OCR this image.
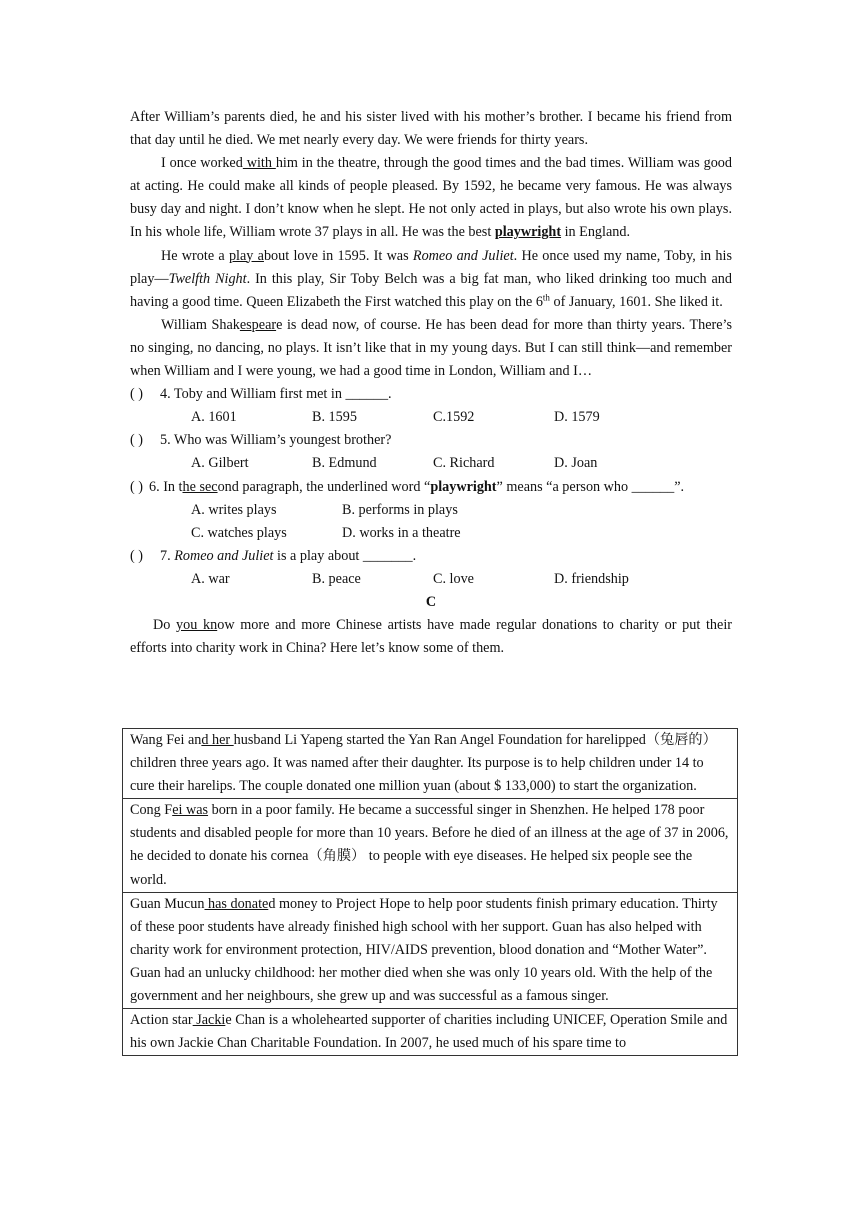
After William’s parents died, he and his sister lived with his mother’s brother. I became his friend from that day until he died. We met nearly every day. We were friends for thirty years.

I once worked with him in the theatre, through the good times and the bad times. William was good at acting. He could make all kinds of people pleased. By 1592, he became very famous. He was always busy day and night. I don’t know when he slept. He not only acted in plays, but also wrote his own plays. In his whole life, William wrote 37 plays in all. He was the best playwright in England.

He wrote a play about love in 1595. It was Romeo and Juliet. He once used my name, Toby, in his play—Twelfth Night. In this play, Sir Toby Belch was a big fat man, who liked drinking too much and having a good time. Queen Elizabeth the First watched this play on the 6th of January, 1601. She liked it.

William Shakespeare is dead now, of course. He has been dead for more than thirty years. There’s no singing, no dancing, no plays. It isn’t like that in my young days. But I can still think—and remember when William and I were young, we had a good time in London, William and I…

( )	4. Toby and William first met in ______.
A. 1601	B. 1595	C.1592	D. 1579
( )	5. Who was William’s youngest brother?
A. Gilbert	B. Edmund	C. Richard	D. Joan

( ) 6. In the second paragraph, the underlined word “playwright” means “a person who ______”.

A. writes plays	B. performs in plays
C. watches plays	D. works in a theatre
( )	7. Romeo and Juliet is a play about _______.
A. war	B. peace	C. love	D. friendship
C

Do you know more and more Chinese artists have made regular donations to charity or put their efforts into charity work in China? Here let’s know some of them.

Wang Fei and her husband Li Yapeng started the Yan Ran Angel Foundation for harelipped（兔唇的） children three years ago. It was named after their daughter. Its purpose is to help children under 14 to cure their harelips. The couple donated one million yuan (about $ 133,000) to start the organization.

Cong Fei was born in a poor family. He became a successful singer in Shenzhen. He helped 178 poor students and disabled people for more than 10 years. Before he died of an illness at the age of 37 in 2006, he decided to donate his cornea（角膜） to people with eye diseases. He helped six people see the world.

Guan Mucun has donated money to Project Hope to help poor students finish primary education. Thirty of these poor students have already finished high school with her support. Guan has also helped with charity work for environment protection, HIV/AIDS prevention, blood donation and “Mother Water”.

Guan had an unlucky childhood: her mother died when she was only 10 years old. With the help of the government and her neighbours, she grew up and was successful as a famous singer.

Action star Jackie Chan is a wholehearted supporter of charities including UNICEF, Operation Smile and his own Jackie Chan Charitable Foundation. In 2007, he used much of his spare time to
